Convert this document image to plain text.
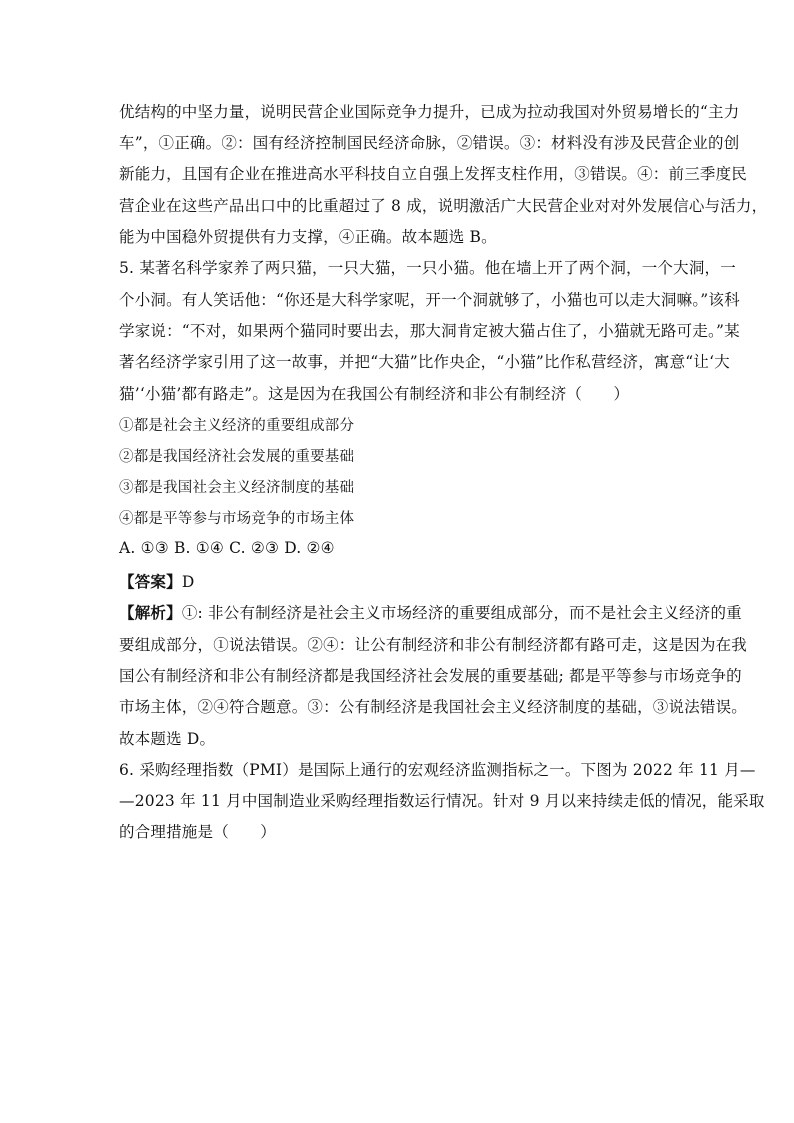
优结构的中坚力量，说明民营企业国际竞争力提升，已成为拉动我国对外贸易增长的“主力
车”，①正确。②：国有经济控制国民经济命脉，②错误。③：材料没有涉及民营企业的创
新能力，且国有企业在推进高水平科技自立自强上发挥支柱作用，③错误。④：前三季度民
营企业在这些产品出口中的比重超过了 8 成，说明激活广大民营企业对对外发展信心与活力，
能为中国稳外贸提供有力支撑，④正确。故本题选 B。
5. 某著名科学家养了两只猫，一只大猫，一只小猫。他在墙上开了两个洞，一个大洞，一
个小洞。有人笑话他：“你还是大科学家呢，开一个洞就够了，小猫也可以走大洞嘛。”该科
学家说：“不对，如果两个猫同时要出去，那大洞肯定被大猫占住了，小猫就无路可走。”某
著名经济学家引用了这一故事，并把“大猫”比作央企，“小猫”比作私营经济，寓意“让‘大
猫’‘小猫’都有路走”。这是因为在我国公有制经济和非公有制经济（　　）
①都是社会主义经济的重要组成部分
②都是我国经济社会发展的重要基础
③都是我国社会主义经济制度的基础
④都是平等参与市场竞争的市场主体
A. ①③ B. ①④ C. ②③ D. ②④
【答案】D
【解析】①: 非公有制经济是社会主义市场经济的重要组成部分，而不是社会主义经济的重
要组成部分，①说法错误。②④：让公有制经济和非公有制经济都有路可走，这是因为在我
国公有制经济和非公有制经济都是我国经济社会发展的重要基础; 都是平等参与市场竞争的
市场主体，②④符合题意。③：公有制经济是我国社会主义经济制度的基础，③说法错误。
故本题选 D。
6. 采购经理指数（PMI）是国际上通行的宏观经济监测指标之一。下图为 2022 年 11 月—
—2023 年 11 月中国制造业采购经理指数运行情况。针对 9 月以来持续走低的情况，能采取
的合理措施是（　　）
